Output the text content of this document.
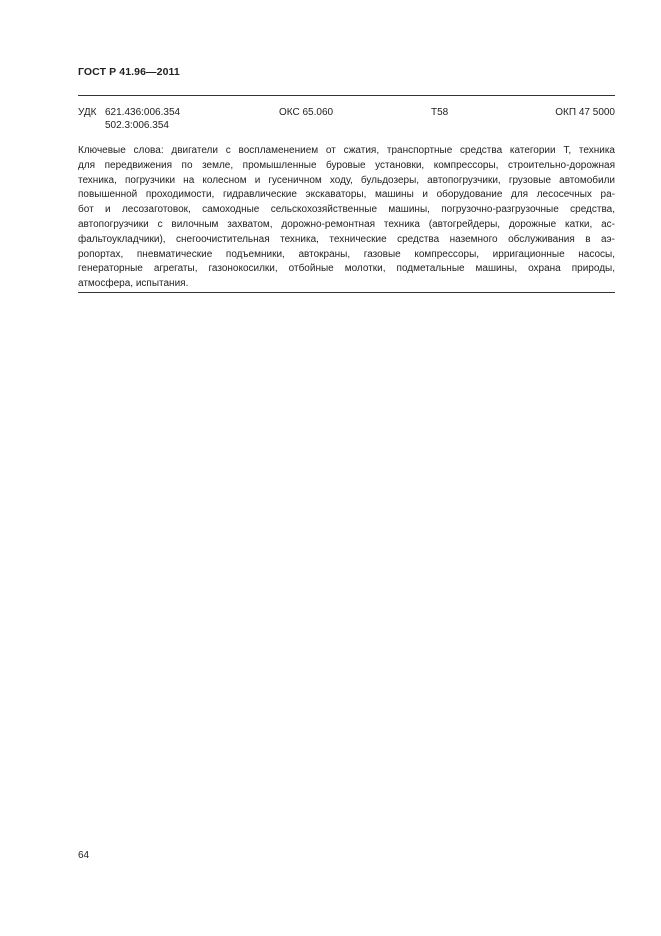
ГОСТ Р 41.96—2011
УДК 621.436:006.354
502.3:006.354
ОКС 65.060	Т58	ОКП 47 5000
Ключевые слова: двигатели с воспламенением от сжатия, транспортные средства категории Т, техника
для передвижения по земле, промышленные буровые установки, компрессоры, строительно-дорожная
техника, погрузчики на колесном и гусеничном ходу, бульдозеры, автопогрузчики, грузовые автомобили
повышенной проходимости, гидравлические экскаваторы, машины и оборудование для лесосечных ра-
бот и лесозаготовок, самоходные сельскохозяйственные машины, погрузочно-разгрузочные средства,
автопогрузчики с вилочным захватом, дорожно-ремонтная техника (автогрейдеры, дорожные катки, ас-
фальтоукладчики), снегоочистительная техника, технические средства наземного обслуживания в аэ-
ропортах, пневматические подъемники, автокраны, газовые компрессоры, ирригационные насосы,
генераторные агрегаты, газонокосилки, отбойные молотки, подметальные машины, охрана природы,
атмосфера, испытания.
64
